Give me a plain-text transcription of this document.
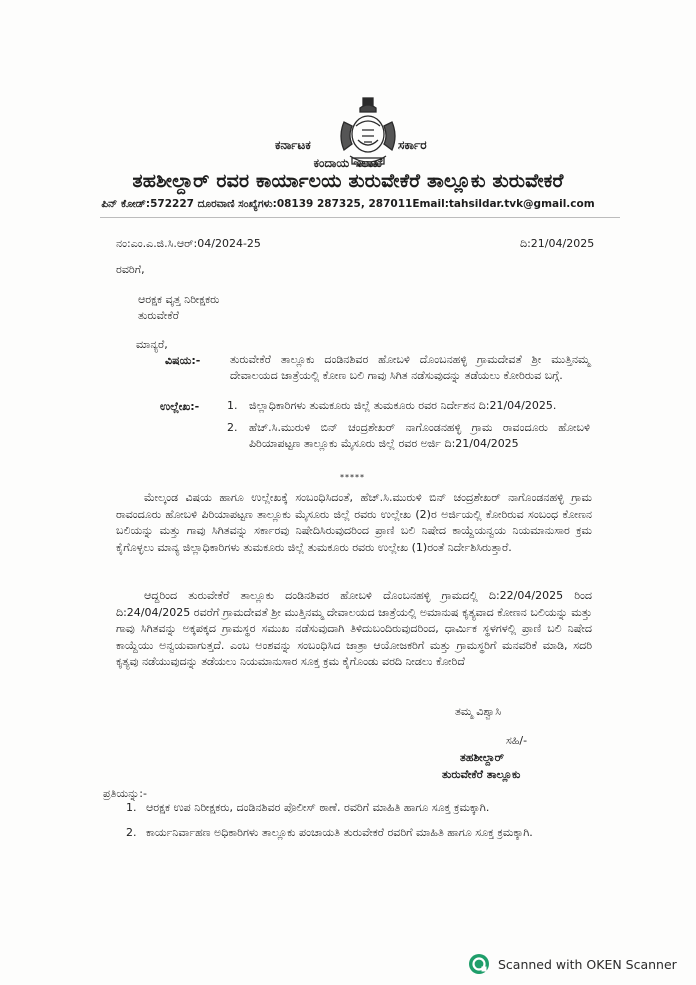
ಕರ್ನಾಟಕ	ಸರ್ಕಾರ
ಕಂದಾಯ ಇಲಾಖೆ
ತಹಶೀಲ್ದಾರ್ ರವರ ಕಾರ್ಯಾಲಯ ತುರುವೇಕೆರೆ ತಾಲ್ಲೂಕು ತುರುವೇಕರೆ
ಪಿನ್ ಕೋಡ್:572227 ದೂರವಾಣಿ ಸಂಖ್ಯೆಗಳು:08139 287325, 287011Email:tahsildar.tvk@gmail.com
ನಂ:ಎಂ.ಎ.ಜಿ.ಸಿ.ಆರ್:04/2024-25	ದಿ:21/04/2025
ರವರಿಗೆ,
ಆರಕ್ಷಕ ವೃತ್ತ ನಿರೀಕ್ಷಕರು
ತುರುವೇಕೆರೆ
ಮಾನ್ಯರೆ,
ವಿಷಯ:-	ತುರುವೇಕೆರೆ ತಾಲ್ಲೂಕು ದಂಡಿನಶಿವರ ಹೋಬಳಿ ದೊಂಬನಹಳ್ಳಿ ಗ್ರಾಮದೇವತೆ ಶ್ರೀ ಮುತ್ತಿನಮ್ಮ ದೇವಾಲಯದ ಜಾತ್ರೆಯಲ್ಲಿ ಕೋಣ ಬಲಿ ಗಾವು ಸಿಗಿತ ನಡೆಸುವುದನ್ನು ತಡೆಯಲು ಕೋರಿರುವ ಬಗ್ಗೆ.
ಉಲ್ಲೇಖ:-	1. ಜಿಲ್ಲಾಧಿಕಾರಿಗಳು ತುಮಕೂರು ಜಿಲ್ಲೆ ತುಮಕೂರು ರವರ ನಿರ್ದೇಶನ ದಿ:21/04/2025.
2. ಹೆಚ್.ಸಿ.ಮುರುಳಿ ಬಿನ್ ಚಂದ್ರಶೇಖರ್ ನಾಗೊಂಡನಹಳ್ಳಿ ಗ್ರಾಮ ರಾವಂದೂರು ಹೋಬಳಿ ಪಿರಿಯಾಪಟ್ಟಣ ತಾಲ್ಲೂಕು ಮೈಸೂರು ಜಿಲ್ಲೆ ರವರ ಅರ್ಜಿ ದಿ:21/04/2025
*****
ಮೇಲ್ಕಂಡ ವಿಷಯ ಹಾಗೂ ಉಲ್ಲೇಖಕ್ಕೆ ಸಂಬಂಧಿಸಿದಂತೆ, ಹೆಚ್.ಸಿ.ಮುರುಳಿ ಬಿನ್ ಚಂದ್ರಶೇಖರ್ ನಾಗೊಂಡನಹಳ್ಳಿ ಗ್ರಾಮ ರಾವಂದೂರು ಹೋಬಳಿ ಪಿರಿಯಾಪಟ್ಟಣ ತಾಲ್ಲೂಕು ಮೈಸೂರು ಜಿಲ್ಲೆ ರವರು ಉಲ್ಲೇಖ (2)ರ ಅರ್ಜಿಯಲ್ಲಿ ಕೋರಿರುವ ಸಂಬಂಧ ಕೋಣನ ಬಲಿಯನ್ನು ಮತ್ತು ಗಾವು ಸಿಗಿತವನ್ನು ಸರ್ಕಾರವು ನಿಷೇದಿಸಿರುವುದರಿಂದ ಪ್ರಾಣಿ ಬಲಿ ನಿಷೇದ ಕಾಯ್ದೆಯನ್ವಯ ನಿಯಮಾನುಸಾರ ಕ್ರಮ ಕೈಗೊಳ್ಳಲು ಮಾನ್ಯ ಜಿಲ್ಲಾಧಿಕಾರಿಗಳು ತುಮಕೂರು ಜಿಲ್ಲೆ ತುಮಕೂರು ರವರು ಉಲ್ಲೇಖ (1)ರಂತೆ ನಿರ್ದೇಶಿಸಿರುತ್ತಾರೆ.
ಆದ್ದರಿಂದ ತುರುವೇಕೆರೆ ತಾಲ್ಲೂಕು ದಂಡಿನಶಿವರ ಹೋಬಳಿ ದೊಂಬನಹಳ್ಳಿ ಗ್ರಾಮದಲ್ಲಿ ದಿ:22/04/2025 ರಿಂದ ದಿ:24/04/2025 ರವರೆಗೆ ಗ್ರಾಮದೇವತೆ ಶ್ರೀ ಮುತ್ತಿನಮ್ಮ ದೇವಾಲಯದ ಜಾತ್ರೆಯಲ್ಲಿ ಅಮಾನುಷ ಕೃತ್ಯವಾದ ಕೋಣನ ಬಲಿಯನ್ನು ಮತ್ತು ಗಾವು ಸಿಗಿತವನ್ನು ಅಕ್ಕಪಕ್ಕದ ಗ್ರಾಮಸ್ಥರ ಸಮುಖ ನಡೆಸುವುದಾಗಿ ತಿಳಿದುಬಂದಿರುವುದರಿಂದ, ಧಾರ್ಮಿಕ ಸ್ಥಳಗಳಲ್ಲಿ ಪ್ರಾಣಿ ಬಲಿ ನಿಷೇದ ಕಾಯ್ದೆಯು ಅನ್ವಯವಾಗುತ್ತದೆ. ಎಂಬ ಅಂಶವನ್ನು ಸಂಬಂಧಿಸಿದ ಜಾತ್ರಾ ಆಯೋಜಕರಿಗೆ ಮತ್ತು ಗ್ರಾಮಸ್ಥರಿಗೆ ಮನವರಿಕೆ ಮಾಡಿ, ಸದರಿ ಕೃತ್ಯವು ನಡೆಯುವುದನ್ನು ತಡೆಯಲು ನಿಯಮಾನುಸಾರ ಸೂಕ್ತ ಕ್ರಮ ಕೈಗೊಂಡು ವರದಿ ನೀಡಲು ಕೋರಿದೆ
ತಮ್ಮ ವಿಶ್ವಾಸಿ
ಸಹಿ/-
ತಹಶೀಲ್ದಾರ್
ತುರುವೇಕೆರೆ ತಾಲ್ಲೂಕು
ಪ್ರತಿಯನ್ನು:-
1. ಆರಕ್ಷಕ ಉಪ ನಿರೀಕ್ಷಕರು, ದಂಡಿನಶಿವರ ಪೊಲೀಸ್ ಠಾಣೆ. ರವರಿಗೆ ಮಾಹಿತಿ ಹಾಗೂ ಸೂಕ್ತ ಕ್ರಮಕ್ಕಾಗಿ.
2. ಕಾರ್ಯನಿರ್ವಾಹಣ ಅಧಿಕಾರಿಗಳು ತಾಲ್ಲೂಕು ಪಂಚಾಯತಿ ತುರುವೇಕರೆ ರವರಿಗೆ ಮಾಹಿತಿ ಹಾಗೂ ಸೂಕ್ತ ಕ್ರಮಕ್ಕಾಗಿ.
Scanned with OKEN Scanner
